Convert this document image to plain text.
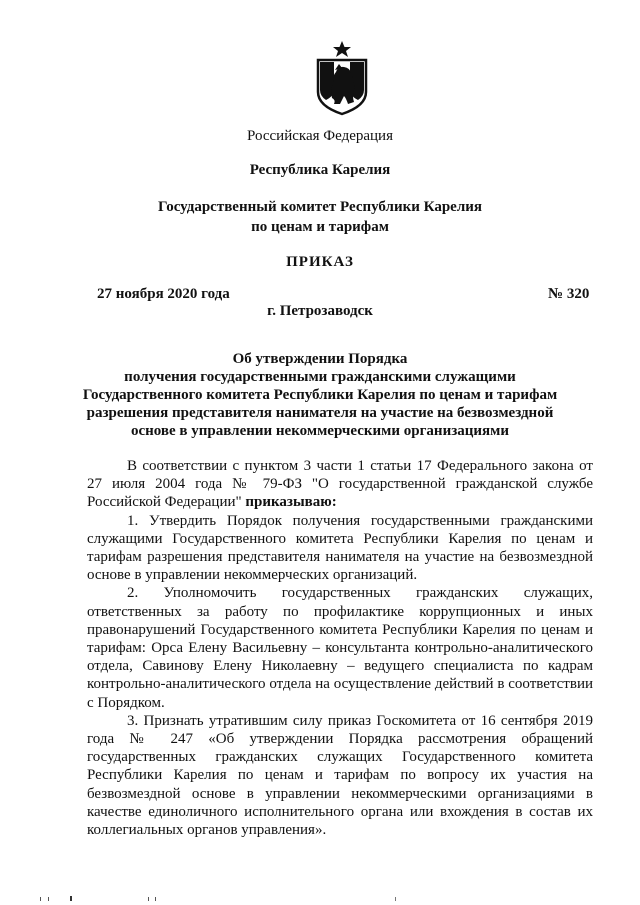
Российская Федерация
Республика Карелия
Государственный комитет Республики Карелия
по ценам и тарифам
ПРИКАЗ
27 ноября 2020 года	№ 320
г. Петрозаводск
Об утверждении Порядка
получения государственными гражданскими служащими
Государственного комитета Республики Карелия по ценам и тарифам
разрешения представителя нанимателя на участие на безвозмездной
основе в управлении некоммерческими организациями

В соответствии с пунктом 3 части 1 статьи 17 Федерального закона от 27 июля 2004 года № 79-ФЗ "О государственной гражданской службе Российской Федерации" приказываю:

1. Утвердить Порядок получения государственными гражданскими служащими Государственного комитета Республики Карелия по ценам и тарифам разрешения представителя нанимателя на участие на безвозмездной основе в управлении некоммерческих организаций.

2. Уполномочить государственных гражданских служащих, ответственных за работу по профилактике коррупционных и иных правонарушений Государственного комитета Республики Карелия по ценам и тарифам: Орса Елену Васильевну – консультанта контрольно-аналитического отдела, Савинову Елену Николаевну – ведущего специалиста по кадрам контрольно-аналитического отдела на осуществление действий в соответствии с Порядком.

3. Признать утратившим силу приказ Госкомитета от 16 сентября 2019 года № 247 «Об утверждении Порядка рассмотрения обращений государственных гражданских служащих Государственного комитета Республики Карелия по ценам и тарифам по вопросу их участия на безвозмездной основе в управлении некоммерческими организациями в качестве единоличного исполнительного органа или вхождения в состав их коллегиальных органов управления».
